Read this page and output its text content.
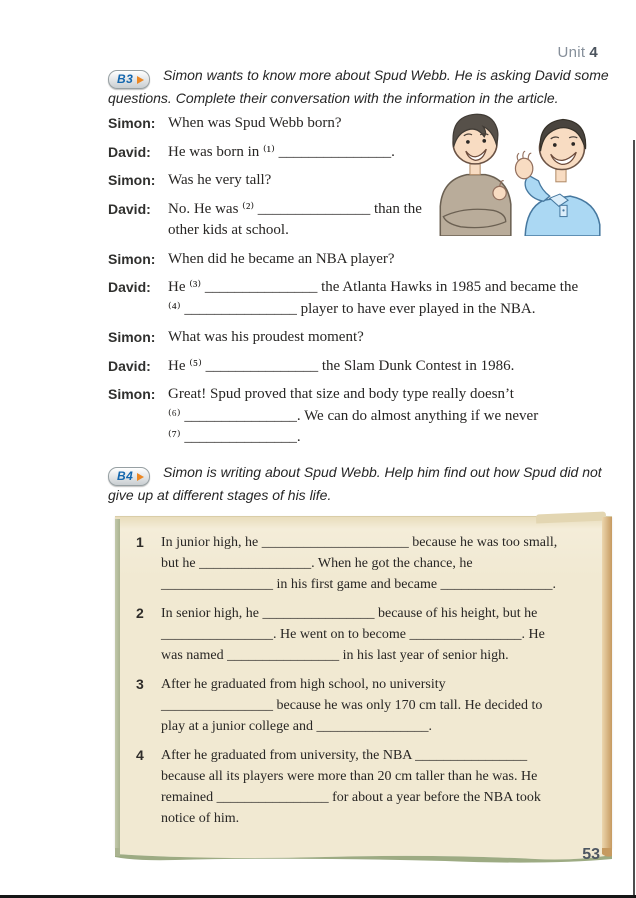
Unit 4
B3 Simon wants to know more about Spud Webb. He is asking David some questions. Complete their conversation with the information in the article.
Simon: When was Spud Webb born?
David:	He was born in ⁽¹⁾ _______________.
Simon: Was he very tall?
David:	No. He was ⁽²⁾ _______________ than the
other kids at school.
Simon: When did he became an NBA player?
David:	He ⁽³⁾ _______________ the Atlanta Hawks in 1985 and became the
⁽⁴⁾ _______________ player to have ever played in the NBA.
Simon: What was his proudest moment?
David:	He ⁽⁵⁾ _______________ the Slam Dunk Contest in 1986.
Simon: Great! Spud proved that size and body type really doesn’t
⁽⁶⁾ _______________. We can do almost anything if we never
⁽⁷⁾ _______________.
B4 Simon is writing about Spud Webb. Help him find out how Spud did not give up at different stages of his life.
1	In junior high, he _____________________ because he was too small,
but he ________________. When he got the chance, he
________________ in his first game and became ________________.
2	In senior high, he ________________ because of his height, but he
________________. He went on to become ________________. He
was named ________________ in his last year of senior high.
3	After he graduated from high school, no university
________________ because he was only 170 cm tall. He decided to
play at a junior college and ________________.
4	After he graduated from university, the NBA ________________
because all its players were more than 20 cm taller than he was. He
remained ________________ for about a year before the NBA took
notice of him.
53
